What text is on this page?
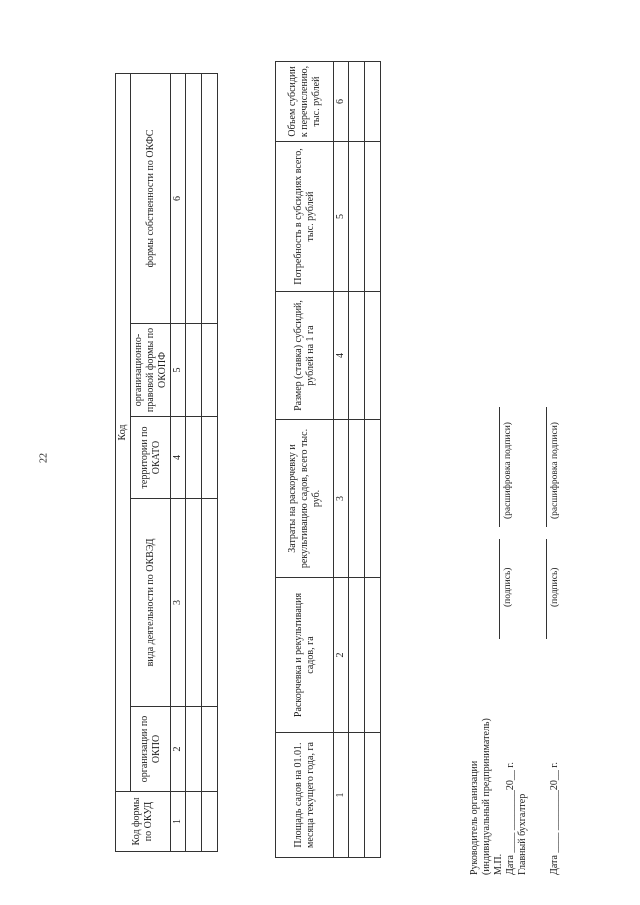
22
Код формы по ОКУД	Код				
	организации по ОКПО	вида деятельности по ОКВЭД	территории по ОКАТО	организационно-правовой формы по ОКОПФ	формы собственности по ОКФС
1	2	3	4	5	6

Площадь садов на 01.01. месяца текущего года, га	Раскорчевка и рекультивация садов, га	Затраты на раскорчевку и рекультивацию садов, всего тыс. руб.	Размер (ставка) субсидий, рублей на 1 га	Потребность в субсидиях всего, тыс. рублей	Объем субсидии к перечислению, тыс. рублей
1	2	3	4	5	6

Руководитель организации (индивидуальный предприниматель) М.П. Дата ____ ________20__ г. Главный бухгалтер Дата ____ ________20__ г.
(подпись)
(расшифровка подписи)
(подпись)
(расшифровка подписи)
